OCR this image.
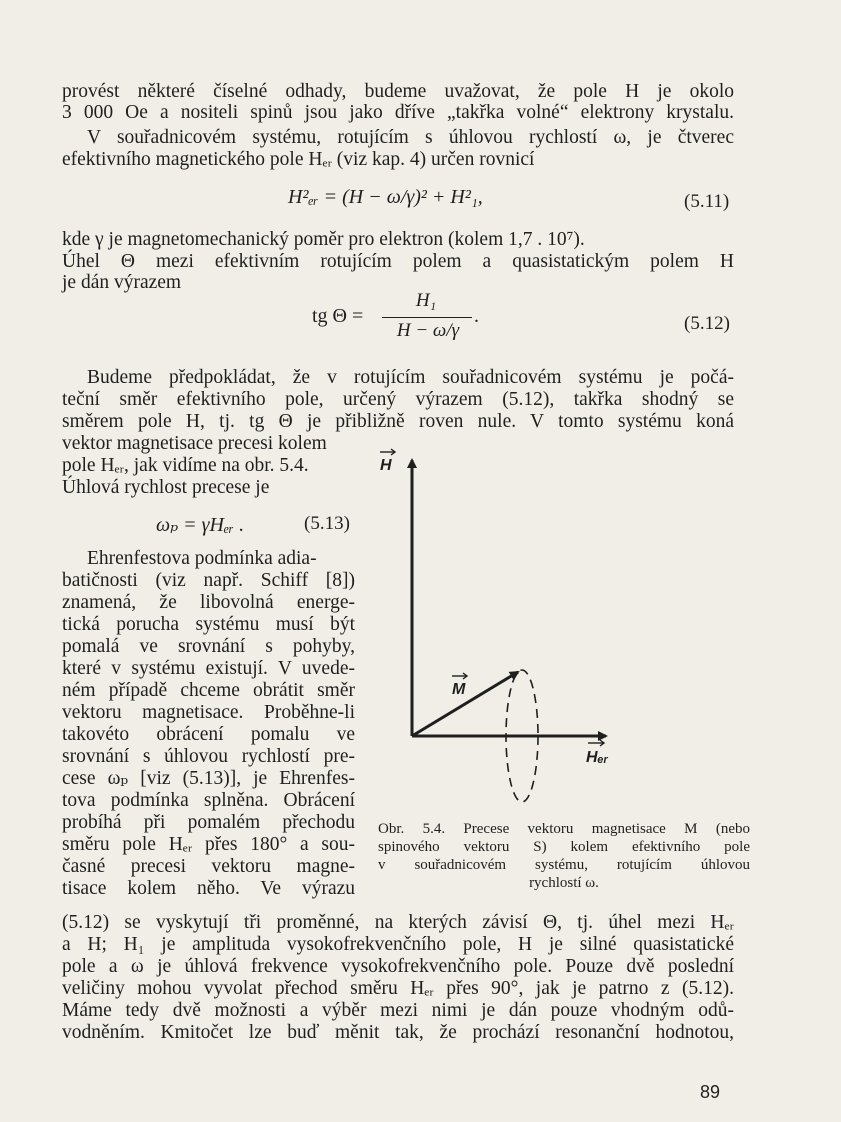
provést některé číselné odhady, budeme uvažovat, že pole H je okolo
3 000 Oe a nositeli spinů jsou jako dříve „takřka volné“ elektrony krystalu.
V souřadnicovém systému, rotujícím s úhlovou rychlostí ω, je čtverec
efektivního magnetického pole Hₑᵣ (viz kap. 4) určen rovnicí
H²ₑᵣ = (H − ω/γ)² + H²₁,	(5.11)
kde γ je magnetomechanický poměr pro elektron (kolem 1,7 . 10⁷).
Úhel Θ mezi efektivním rotujícím polem a quasistatickým polem H
je dán výrazem
tg Θ =
H₁
H − ω/γ
.	(5.12)
Budeme předpokládat, že v rotujícím souřadnicovém systému je počá-
teční směr efektivního pole, určený výrazem (5.12), takřka shodný se
směrem pole H, tj. tg Θ je přibližně roven nule. V tomto systému koná
vektor magnetisace precesi kolem
pole Hₑᵣ, jak vidíme na obr. 5.4.
Úhlová rychlost precese je
ωₚ = γHₑᵣ .	(5.13)
Ehrenfestova podmínka adia-
batičnosti (viz např. Schiff [8])
znamená, že libovolná energe-
tická porucha systému musí být
pomalá ve srovnání s pohyby,
které v systému existují. V uvede-
ném případě chceme obrátit směr
vektoru magnetisace. Proběhne-li
takovéto obrácení pomalu ve
srovnání s úhlovou rychlostí pre-
cese ωₚ [viz (5.13)], je Ehrenfes-
tova podmínka splněna. Obrácení
probíhá při pomalém přechodu
směru pole Hₑᵣ přes 180° a sou-
časné precesi vektoru magne-
tisace kolem něho. Ve výrazu
(5.12) se vyskytují tři proměnné, na kterých závisí Θ, tj. úhel mezi Hₑᵣ
a H; H₁ je amplituda vysokofrekvenčního pole, H je silné quasistatické
pole a ω je úhlová frekvence vysokofrekvenčního pole. Pouze dvě poslední
veličiny mohou vyvolat přechod směru Hₑᵣ přes 90°, jak je patrno z (5.12).
Máme tedy dvě možnosti a výběr mezi nimi je dán pouze vhodným odů-
vodněním. Kmitočet lze buď měnit tak, že prochází resonanční hodnotou,
H
M
Hₑᵣ
Obr. 5.4. Precese vektoru magnetisace M (nebo
spinového vektoru S) kolem efektivního pole
v souřadnicovém systému, rotujícím úhlovou
rychlostí ω.
89
